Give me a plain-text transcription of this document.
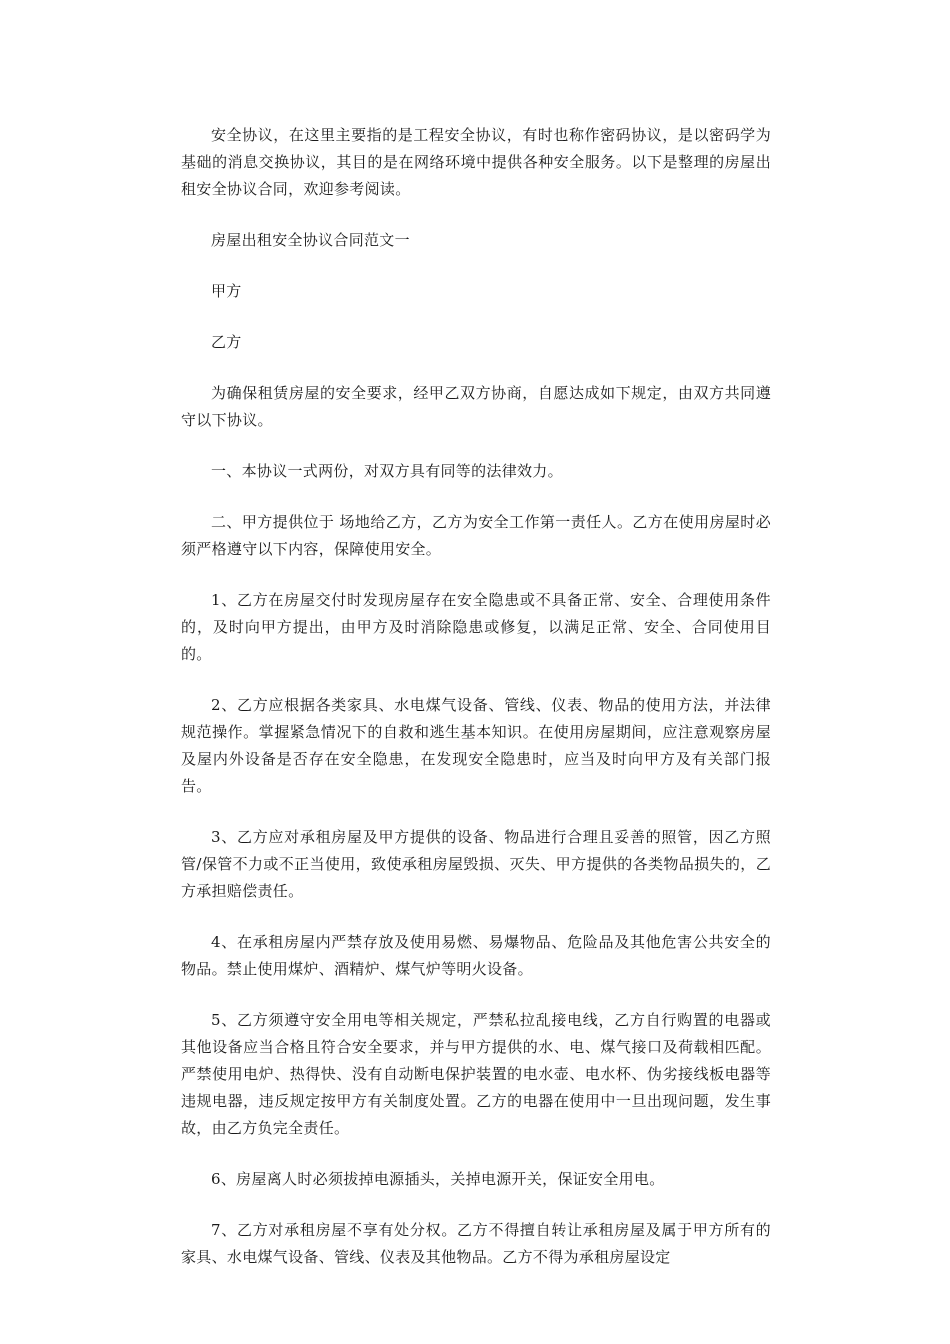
安全协议，在这里主要指的是工程安全协议，有时也称作密码协议，是以密码学为基础的消息交换协议，其目的是在网络环境中提供各种安全服务。以下是整理的房屋出租安全协议合同，欢迎参考阅读。

房屋出租安全协议合同范文一

甲方

乙方

为确保租赁房屋的安全要求，经甲乙双方协商，自愿达成如下规定，由双方共同遵守以下协议。

一、本协议一式两份，对双方具有同等的法律效力。

二、甲方提供位于 场地给乙方，乙方为安全工作第一责任人。乙方在使用房屋时必须严格遵守以下内容，保障使用安全。

1、乙方在房屋交付时发现房屋存在安全隐患或不具备正常、安全、合理使用条件的，及时向甲方提出，由甲方及时消除隐患或修复，以满足正常、安全、合同使用目的。

2、乙方应根据各类家具、水电煤气设备、管线、仪表、物品的使用方法，并法律规范操作。掌握紧急情况下的自救和逃生基本知识。在使用房屋期间，应注意观察房屋及屋内外设备是否存在安全隐患，在发现安全隐患时，应当及时向甲方及有关部门报告。

3、乙方应对承租房屋及甲方提供的设备、物品进行合理且妥善的照管，因乙方照管/保管不力或不正当使用，致使承租房屋毁损、灭失、甲方提供的各类物品损失的，乙方承担赔偿责任。

4、在承租房屋内严禁存放及使用易燃、易爆物品、危险品及其他危害公共安全的物品。禁止使用煤炉、酒精炉、煤气炉等明火设备。

5、乙方须遵守安全用电等相关规定，严禁私拉乱接电线，乙方自行购置的电器或其他设备应当合格且符合安全要求，并与甲方提供的水、电、煤气接口及荷载相匹配。严禁使用电炉、热得快、没有自动断电保护装置的电水壶、电水杯、伪劣接线板电器等违规电器，违反规定按甲方有关制度处置。乙方的电器在使用中一旦出现问题，发生事故，由乙方负完全责任。

6、房屋离人时必须拔掉电源插头，关掉电源开关，保证安全用电。

7、乙方对承租房屋不享有处分权。乙方不得擅自转让承租房屋及属于甲方所有的家具、水电煤气设备、管线、仪表及其他物品。乙方不得为承租房屋设定
